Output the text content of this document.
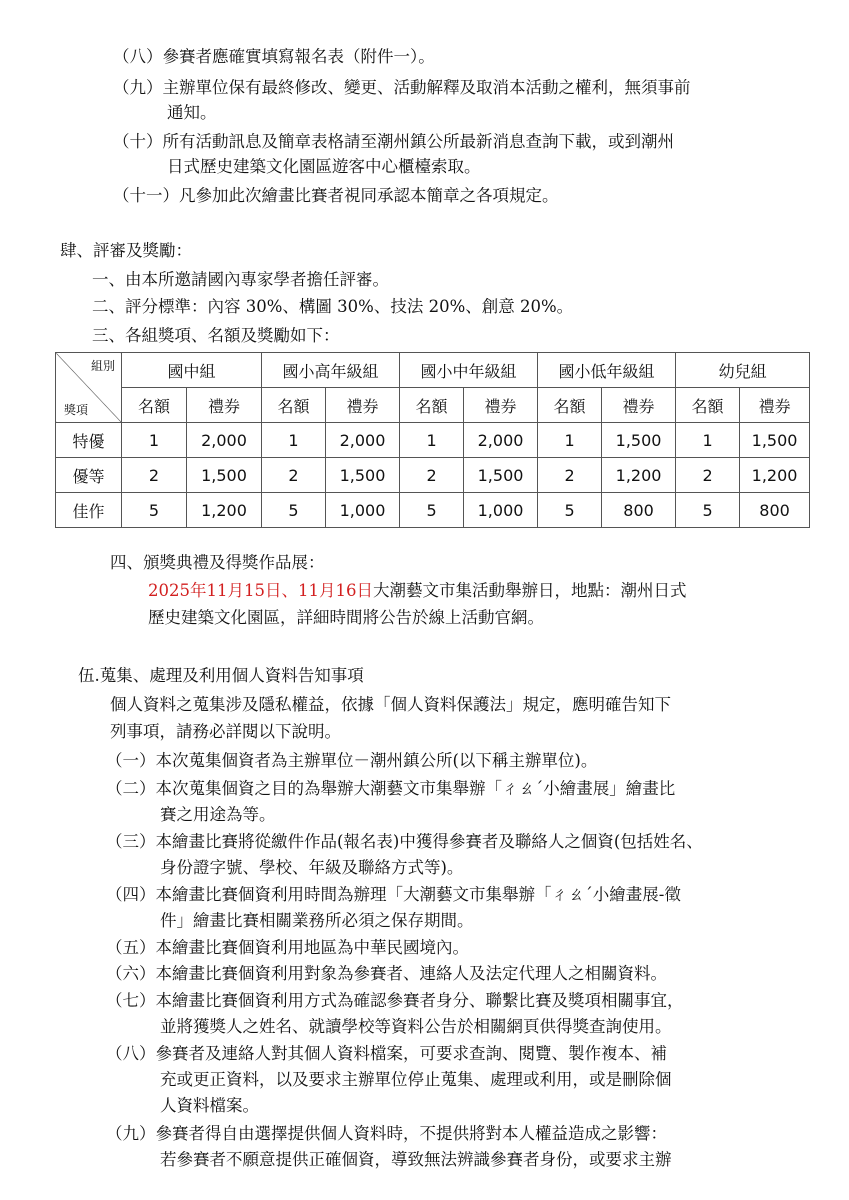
（八）參賽者應確實填寫報名表（附件一）。
（九）主辦單位保有最終修改、變更、活動解釋及取消本活動之權利，無須事前
通知。
（十）所有活動訊息及簡章表格請至潮州鎮公所最新消息查詢下載，或到潮州
日式歷史建築文化園區遊客中心櫃檯索取。
（十一）凡參加此次繪畫比賽者視同承認本簡章之各項規定。
肆、評審及獎勵：
一、由本所邀請國內專家學者擔任評審。
二、評分標準：內容 30%、構圖 30%、技法 20%、創意 20%。
三、各組獎項、名額及獎勵如下：
組別
獎項	國中組		國小高年級組		國小中年級組		國小低年級組		幼兒組	
	名額	禮券	名額	禮券	名額	禮券	名額	禮券	名額	禮券
特優	1	2,000	1	2,000	1	2,000	1	1,500	1	1,500
優等	2	1,500	2	1,500	2	1,500	2	1,200	2	1,200
佳作	5	1,200	5	1,000	5	1,000	5	800	5	800
四、頒獎典禮及得獎作品展：
2025年11月15日、11月16日大潮藝文市集活動舉辦日，地點：潮州日式
歷史建築文化園區，詳細時間將公告於線上活動官網。
伍.蒐集、處理及利用個人資料告知事項
個人資料之蒐集涉及隱私權益，依據「個人資料保護法」規定，應明確告知下
列事項，請務必詳閱以下說明。
（一）本次蒐集個資者為主辦單位－潮州鎮公所(以下稱主辦單位)。
（二）本次蒐集個資之目的為舉辦大潮藝文市集舉辦「ㄔㄠˊ小繪畫展」繪畫比
賽之用途為等。
（三）本繪畫比賽將從繳件作品(報名表)中獲得參賽者及聯絡人之個資(包括姓名、
身份證字號、學校、年級及聯絡方式等)。
（四）本繪畫比賽個資利用時間為辦理「大潮藝文市集舉辦「ㄔㄠˊ小繪畫展-徵
件」繪畫比賽相關業務所必須之保存期間。
（五）本繪畫比賽個資利用地區為中華民國境內。
（六）本繪畫比賽個資利用對象為參賽者、連絡人及法定代理人之相關資料。
（七）本繪畫比賽個資利用方式為確認參賽者身分、聯繫比賽及獎項相關事宜，
並將獲獎人之姓名、就讀學校等資料公告於相關網頁供得獎查詢使用。
（八）參賽者及連絡人對其個人資料檔案，可要求查詢、閱覽、製作複本、補
充或更正資料，以及要求主辦單位停止蒐集、處理或利用，或是刪除個
人資料檔案。
（九）參賽者得自由選擇提供個人資料時，不提供將對本人權益造成之影響：
若參賽者不願意提供正確個資，導致無法辨識參賽者身份，或要求主辦
